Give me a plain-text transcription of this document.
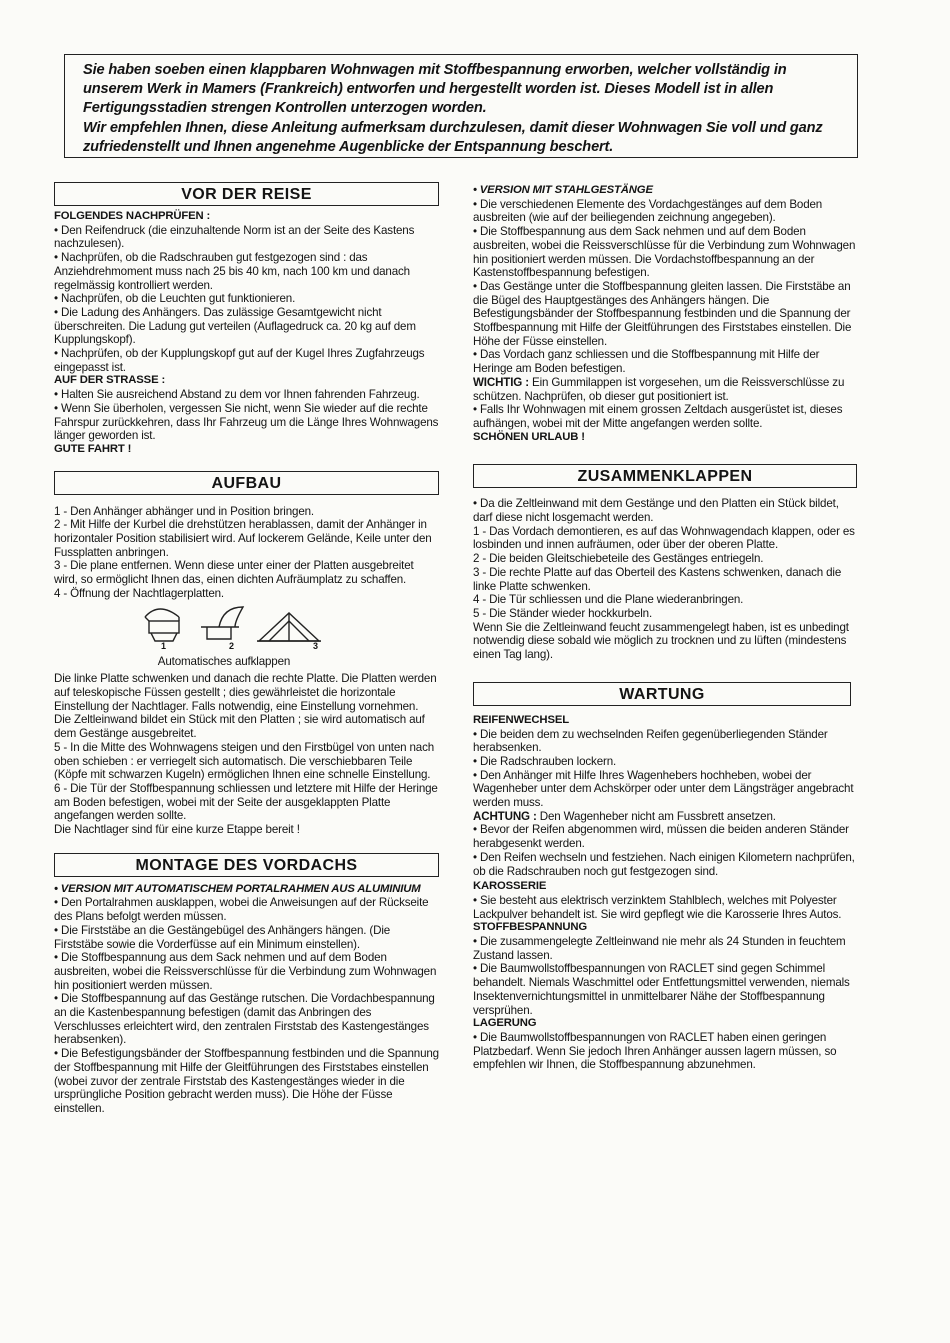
Sie haben soeben einen klappbaren Wohnwagen mit Stoffbespannung erworben, welcher vollständig in unserem Werk in Mamers (Frankreich) entworfen und hergestellt worden ist. Dieses Modell ist in allen Fertigungsstadien strengen Kontrollen unterzogen worden.

Wir empfehlen Ihnen, diese Anleitung aufmerksam durchzulesen, damit dieser Wohnwagen Sie voll und ganz zufriedenstellt und Ihnen angenehme Augenblicke der Entspannung beschert.

VOR DER REISE

FOLGENDES NACHPRÜFEN :

• Den Reifendruck (die einzuhaltende Norm ist an der Seite des Kastens nachzulesen).

• Nachprüfen, ob die Radschrauben gut festgezogen sind : das Anziehdrehmoment muss nach 25 bis 40 km, nach 100 km und danach regelmässig kontrolliert werden.

• Nachprüfen, ob die Leuchten gut funktionieren.

• Die Ladung des Anhängers. Das zulässige Gesamtgewicht nicht überschreiten. Die Ladung gut verteilen (Auflagedruck ca. 20 kg auf dem Kupplungskopf).

• Nachprüfen, ob der Kupplungskopf gut auf der Kugel Ihres Zugfahrzeugs eingepasst ist.

AUF DER STRASSE :

• Halten Sie ausreichend Abstand zu dem vor Ihnen fahrenden Fahrzeug.

• Wenn Sie überholen, vergessen Sie nicht, wenn Sie wieder auf die rechte Fahrspur zurückkehren, dass Ihr Fahrzeug um die Länge Ihres Wohnwagens länger geworden ist.

GUTE FAHRT !

AUFBAU

1 - Den Anhänger abhänger und in Position bringen.

2 - Mit Hilfe der Kurbel die drehstützen herablassen, damit der Anhänger in horizontaler Position stabilisiert wird. Auf lockerem Gelände, Keile unter den Fussplatten anbringen.

3 - Die plane entfernen. Wenn diese unter einer der Platten ausgebreitet wird, so ermöglicht Ihnen das, einen dichten Aufräumplatz zu schaffen.

4 - Öffnung der Nachtlagerplatten.

1	2	3

Automatisches aufklappen

Die linke Platte schwenken und danach die rechte Platte. Die Platten werden auf teleskopische Füssen gestellt ; dies gewährleistet die horizontale Einstellung der Nachtlager. Falls notwendig, eine Einstellung vornehmen.

Die Zeltleinwand bildet ein Stück mit den Platten ; sie wird automatisch auf dem Gestänge ausgebreitet.

5 - In die Mitte des Wohnwagens steigen und den Firstbügel von unten nach oben schieben : er verriegelt sich automatisch. Die verschiebbaren Teile (Köpfe mit schwarzen Kugeln) ermöglichen Ihnen eine schnelle Einstellung.

6 - Die Tür der Stoffbespannung schliessen und letztere mit Hilfe der Heringe am Boden befestigen, wobei mit der Seite der ausgeklappten Platte angefangen werden sollte.

Die Nachtlager sind für eine kurze Etappe bereit !

MONTAGE DES VORDACHS

• VERSION MIT AUTOMATISCHEM PORTALRAHMEN AUS ALUMINIUM

• Den Portalrahmen ausklappen, wobei die Anweisungen auf der Rückseite des Plans befolgt werden müssen.

• Die Firststäbe an die Gestängebügel des Anhängers hängen. (Die Firststäbe sowie die Vorderfüsse auf ein Minimum einstellen).

• Die Stoffbespannung aus dem Sack nehmen und auf dem Boden ausbreiten, wobei die Reissverschlüsse für die Verbindung zum Wohnwagen hin positioniert werden müssen.

• Die Stoffbespannung auf das Gestänge rutschen. Die Vordachbespannung an die Kastenbespannung befestigen (damit das Anbringen des Verschlusses erleichtert wird, den zentralen Firststab des Kastengestänges herabsenken).

• Die Befestigungsbänder der Stoffbespannung festbinden und die Spannung der Stoffbespannung mit Hilfe der Gleitführungen des Firststabes einstellen (wobei zuvor der zentrale Firststab des Kastengestänges wieder in die ursprüngliche Position gebracht werden muss). Die Höhe der Füsse einstellen.

• VERSION MIT STAHLGESTÄNGE

• Die verschiedenen Elemente des Vordachgestänges auf dem Boden ausbreiten (wie auf der beiliegenden zeichnung angegeben).

• Die Stoffbespannung aus dem Sack nehmen und auf dem Boden ausbreiten, wobei die Reissverschlüsse für die Verbindung zum Wohnwagen hin positioniert werden müssen. Die Vordachstoffbespannung an der Kastenstoffbespannung befestigen.

• Das Gestänge unter die Stoffbespannung gleiten lassen. Die Firststäbe an die Bügel des Hauptgestänges des Anhängers hängen. Die Befestigungsbänder der Stoffbespannung festbinden und die Spannung der Stoffbespannung mit Hilfe der Gleitführungen des Firststabes einstellen. Die Höhe der Füsse einstellen.

• Das Vordach ganz schliessen und die Stoffbespannung mit Hilfe der Heringe am Boden befestigen.

WICHTIG : Ein Gummilappen ist vorgesehen, um die Reissverschlüsse zu schützen. Nachprüfen, ob dieser gut positioniert ist.

• Falls Ihr Wohnwagen mit einem grossen Zeltdach ausgerüstet ist, dieses aufhängen, wobei mit der Mitte angefangen werden sollte.

SCHÖNEN URLAUB !

ZUSAMMENKLAPPEN

• Da die Zeltleinwand mit dem Gestänge und den Platten ein Stück bildet, darf diese nicht losgemacht werden.

1 - Das Vordach demontieren, es auf das Wohnwagendach klappen, oder es losbinden und innen aufräumen, oder über der oberen Platte.

2 - Die beiden Gleitschiebeteile des Gestänges entriegeln.

3 - Die rechte Platte auf das Oberteil des Kastens schwenken, danach die linke Platte schwenken.

4 - Die Tür schliessen und die Plane wiederanbringen.

5 - Die Ständer wieder hockkurbeln.

Wenn Sie die Zeltleinwand feucht zusammengelegt haben, ist es unbedingt notwendig diese sobald wie möglich zu trocknen und zu lüften (mindestens einen Tag lang).

WARTUNG

REIFENWECHSEL

• Die beiden dem zu wechselnden Reifen gegenüberliegenden Ständer herabsenken.

• Die Radschrauben lockern.

• Den Anhänger mit Hilfe Ihres Wagenhebers hochheben, wobei der Wagenheber unter dem Achskörper oder unter dem Längsträger angebracht werden muss.

ACHTUNG : Den Wagenheber nicht am Fussbrett ansetzen.

• Bevor der Reifen abgenommen wird, müssen die beiden anderen Ständer herabgesenkt werden.

• Den Reifen wechseln und festziehen. Nach einigen Kilometern nachprüfen, ob die Radschrauben noch gut festgezogen sind.

KAROSSERIE

• Sie besteht aus elektrisch verzinktem Stahlblech, welches mit Polyester Lackpulver behandelt ist. Sie wird gepflegt wie die Karosserie Ihres Autos.

STOFFBESPANNUNG

• Die zusammengelegte Zeltleinwand nie mehr als 24 Stunden in feuchtem Zustand lassen.

• Die Baumwollstoffbespannungen von RACLET sind gegen Schimmel behandelt. Niemals Waschmittel oder Entfettungsmittel verwenden, niemals Insektenvernichtungsmittel in unmittelbarer Nähe der Stoffbespannung versprühen.

LAGERUNG

• Die Baumwollstoffbespannungen von RACLET haben einen geringen Platzbedarf. Wenn Sie jedoch Ihren Anhänger aussen lagern müssen, so empfehlen wir Ihnen, die Stoffbespannung abzunehmen.
